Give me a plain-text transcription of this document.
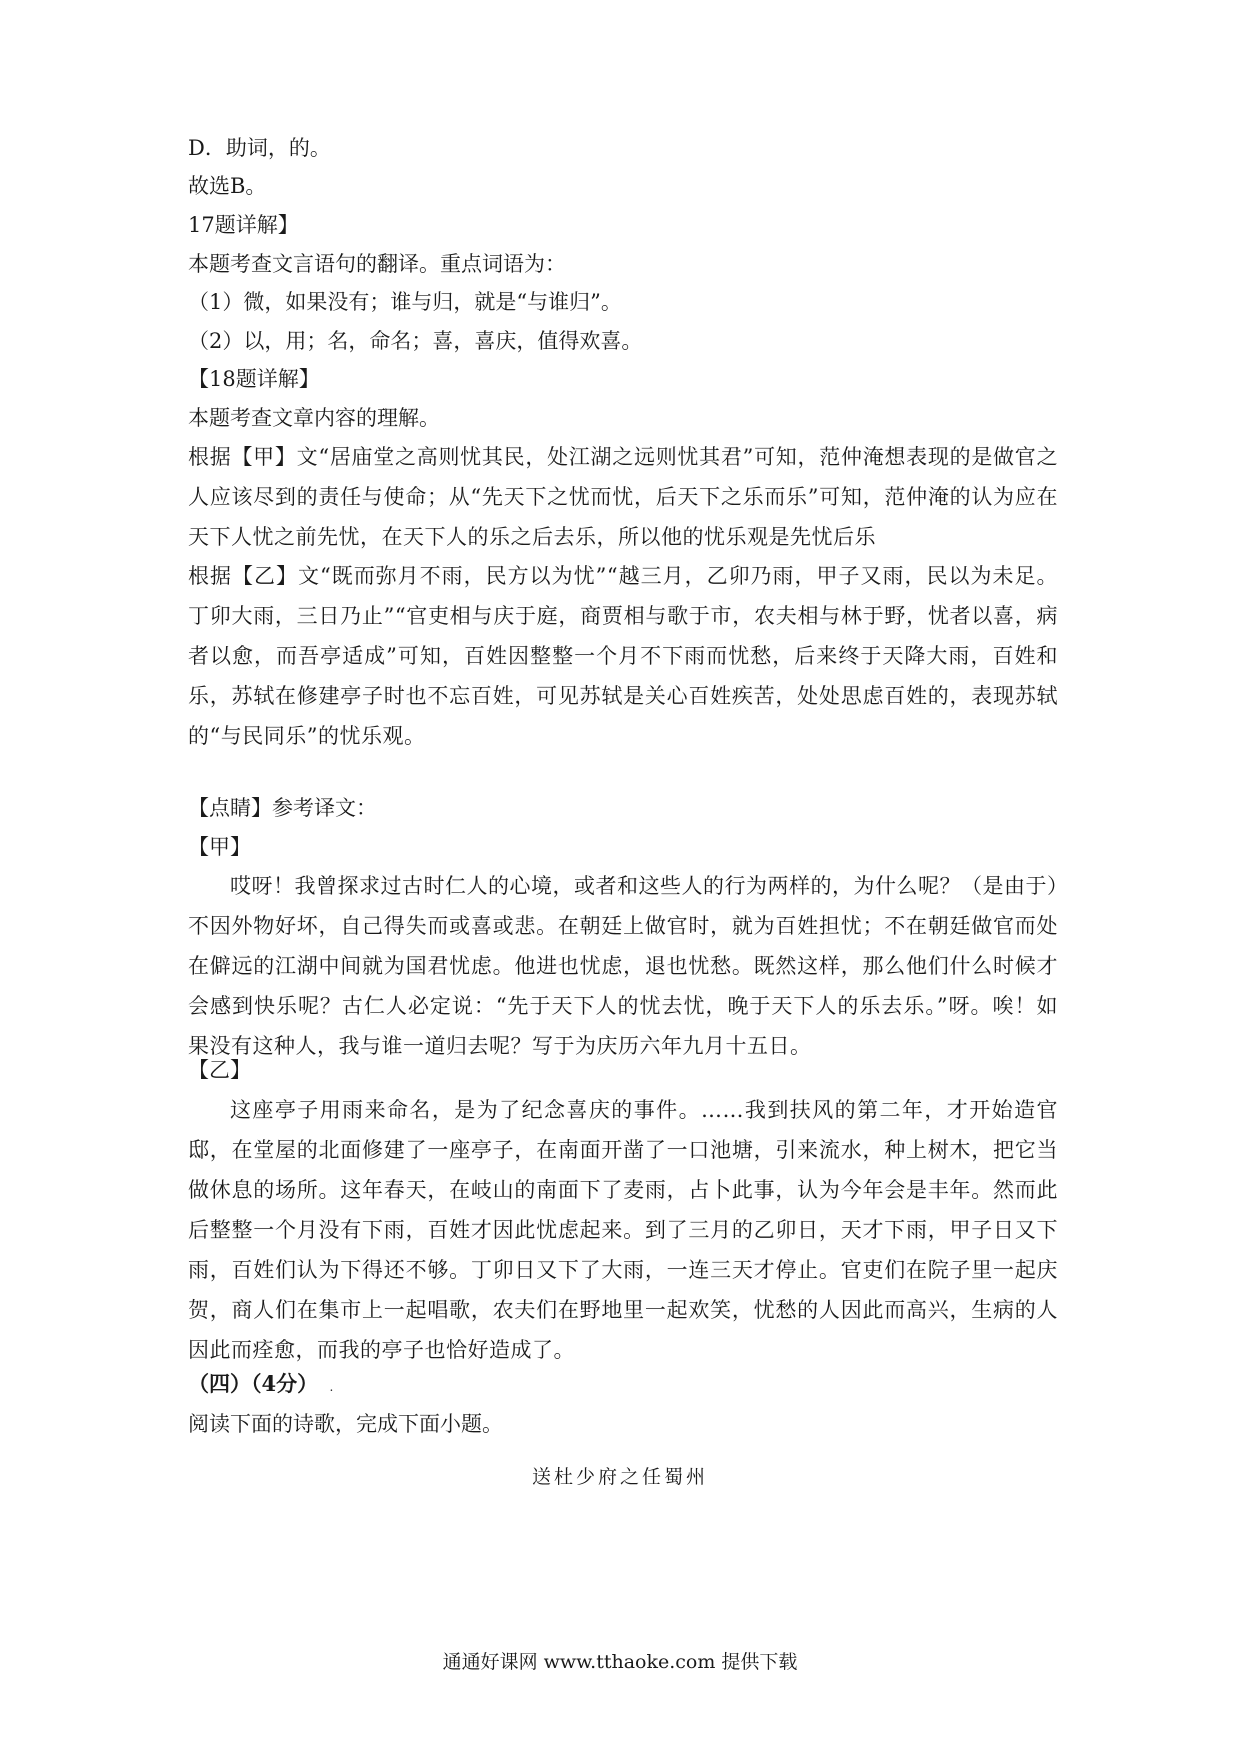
D．助词，的。
故选B。
17题详解】
本题考查文言语句的翻译。重点词语为：
（1）微，如果没有；谁与归，就是“与谁归”。
（2）以，用；名，命名；喜，喜庆，值得欢喜。
【18题详解】
本题考查文章内容的理解。
根据【甲】文“居庙堂之高则忧其民，处江湖之远则忧其君”可知，范仲淹想表现的是做官之人应该尽到的责任与使命；从“先天下之忧而忧，后天下之乐而乐”可知，范仲淹的认为应在天下人忧之前先忧，在天下人的乐之后去乐，所以他的忧乐观是先忧后乐
根据【乙】文“既而弥月不雨，民方以为忧”“越三月，乙卯乃雨，甲子又雨，民以为未足。丁卯大雨，三日乃止”“官吏相与庆于庭，商贾相与歌于市，农夫相与林于野，忧者以喜，病者以愈，而吾亭适成”可知，百姓因整整一个月不下雨而忧愁，后来终于天降大雨，百姓和乐，苏轼在修建亭子时也不忘百姓，可见苏轼是关心百姓疾苦，处处思虑百姓的，表现苏轼的“与民同乐”的忧乐观。
【点睛】参考译文：
【甲】
哎呀！我曾探求过古时仁人的心境，或者和这些人的行为两样的，为什么呢？（是由于）不因外物好坏，自己得失而或喜或悲。在朝廷上做官时，就为百姓担忧；不在朝廷做官而处在僻远的江湖中间就为国君忧虑。他进也忧虑，退也忧愁。既然这样，那么他们什么时候才会感到快乐呢？古仁人必定说：“先于天下人的忧去忧，晚于天下人的乐去乐。”呀。唉！如果没有这种人，我与谁一道归去呢？写于为庆历六年九月十五日。
【乙】
这座亭子用雨来命名，是为了纪念喜庆的事件。……我到扶风的第二年，才开始造官邸，在堂屋的北面修建了一座亭子，在南面开凿了一口池塘，引来流水，种上树木，把它当做休息的场所。这年春天，在岐山的南面下了麦雨，占卜此事，认为今年会是丰年。然而此后整整一个月没有下雨，百姓才因此忧虑起来。到了三月的乙卯日，天才下雨，甲子日又下雨，百姓们认为下得还不够。丁卯日又下了大雨，一连三天才停止。官吏们在院子里一起庆贺，商人们在集市上一起唱歌，农夫们在野地里一起欢笑，忧愁的人因此而高兴，生病的人因此而痊愈，而我的亭子也恰好造成了。
（四）（4分） .
阅读下面的诗歌，完成下面小题。
送杜少府之任蜀州
通通好课网 www.tthaoke.com 提供下载
